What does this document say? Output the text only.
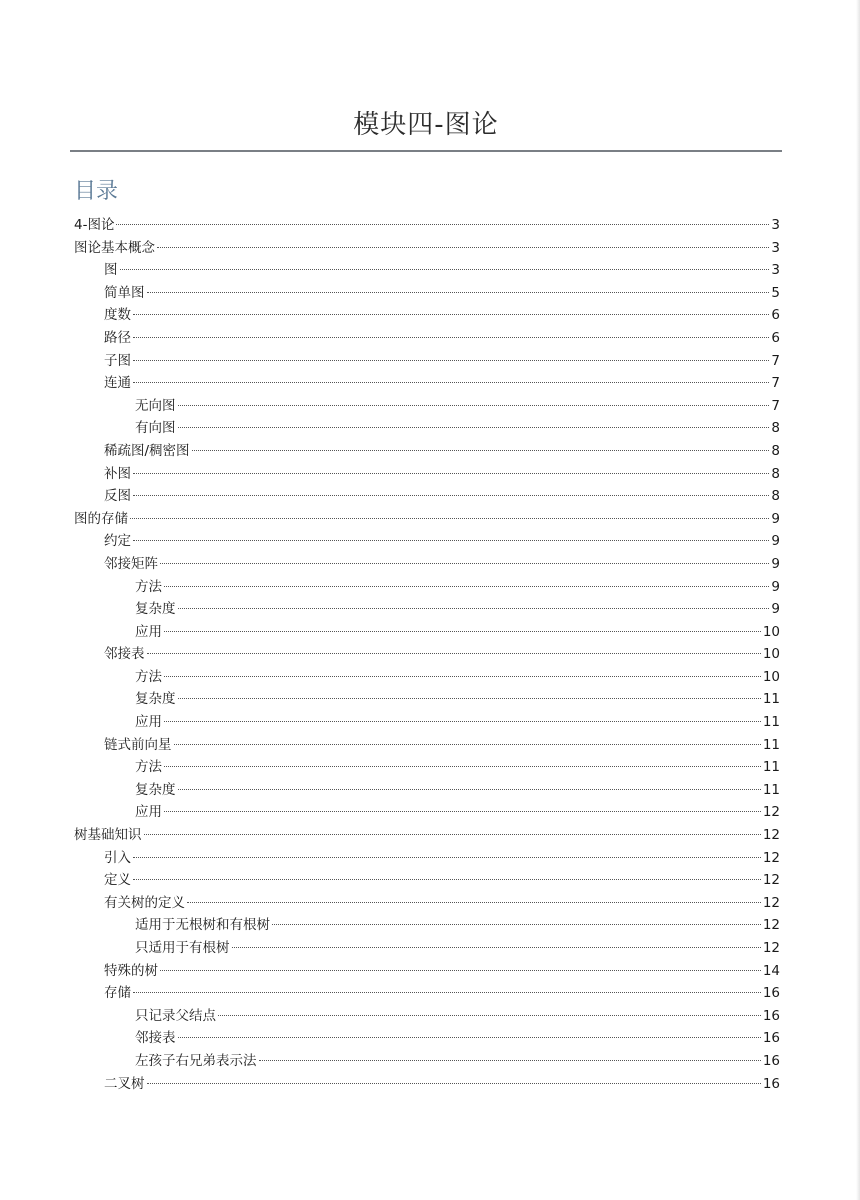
模块四-图论
目录
4-图论	3
图论基本概念	3
图	3
简单图	5
度数	6
路径	6
子图	7
连通	7
无向图	7
有向图	8
稀疏图/稠密图	8
补图	8
反图	8
图的存储	9
约定	9
邻接矩阵	9
方法	9
复杂度	9
应用	10
邻接表	10
方法	10
复杂度	11
应用	11
链式前向星	11
方法	11
复杂度	11
应用	12
树基础知识	12
引入	12
定义	12
有关树的定义	12
适用于无根树和有根树	12
只适用于有根树	12
特殊的树	14
存储	16
只记录父结点	16
邻接表	16
左孩子右兄弟表示法	16
二叉树	16
